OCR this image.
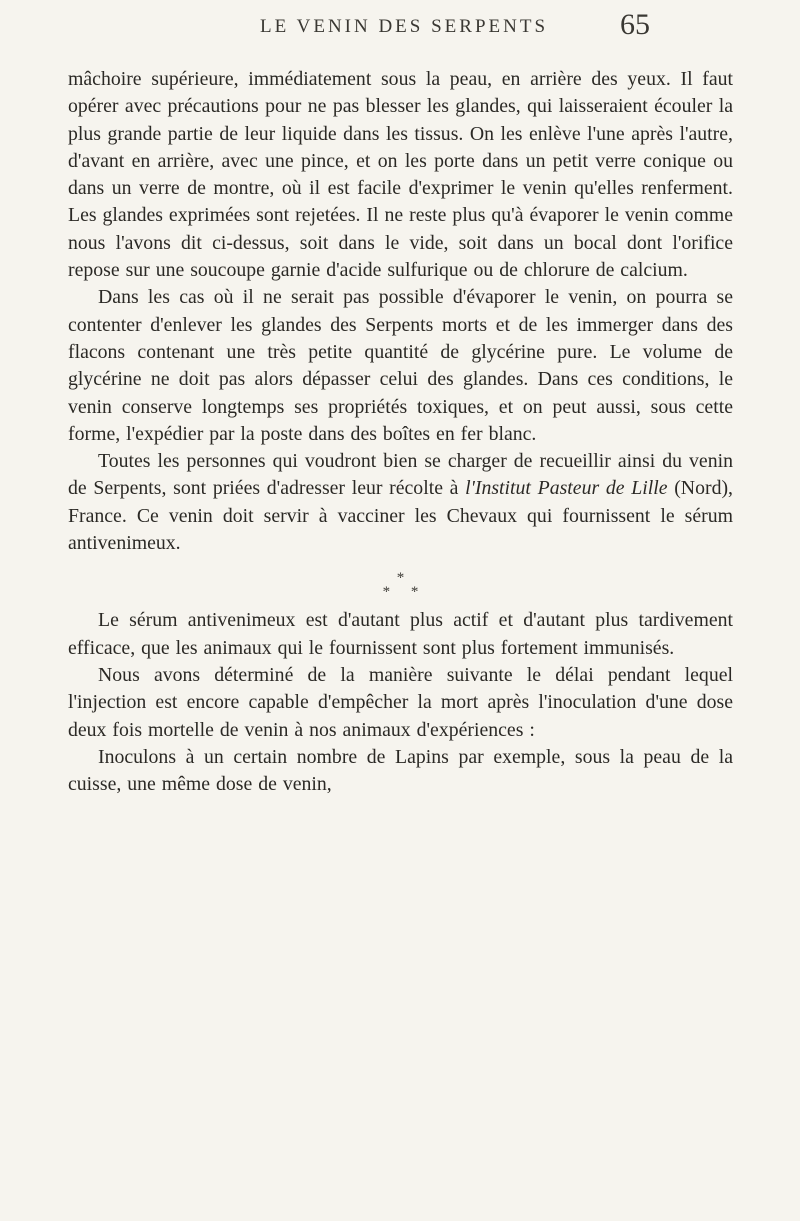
LE VENIN DES SERPENTS 65

mâchoire supérieure, immédiatement sous la peau, en arrière des yeux. Il faut opérer avec précautions pour ne pas blesser les glandes, qui laisseraient écouler la plus grande partie de leur liquide dans les tissus. On les enlève l'une après l'autre, d'avant en arrière, avec une pince, et on les porte dans un petit verre conique ou dans un verre de montre, où il est facile d'exprimer le venin qu'elles renferment. Les glandes exprimées sont rejetées. Il ne reste plus qu'à évaporer le venin comme nous l'avons dit ci-dessus, soit dans le vide, soit dans un bocal dont l'orifice repose sur une soucoupe garnie d'acide sulfurique ou de chlorure de calcium.

Dans les cas où il ne serait pas possible d'évaporer le venin, on pourra se contenter d'enlever les glandes des Serpents morts et de les immerger dans des flacons contenant une très petite quantité de glycérine pure. Le volume de glycérine ne doit pas alors dépasser celui des glandes. Dans ces conditions, le venin conserve longtemps ses propriétés toxiques, et on peut aussi, sous cette forme, l'expédier par la poste dans des boîtes en fer blanc.

Toutes les personnes qui voudront bien se charger de recueillir ainsi du venin de Serpents, sont priées d'adresser leur récolte à l'Institut Pasteur de Lille (Nord), France. Ce venin doit servir à vacciner les Chevaux qui fournissent le sérum antivenimeux.

*
* *

Le sérum antivenimeux est d'autant plus actif et d'autant plus tardivement efficace, que les animaux qui le fournissent sont plus fortement immunisés.

Nous avons déterminé de la manière suivante le délai pendant lequel l'injection est encore capable d'empêcher la mort après l'inoculation d'une dose deux fois mortelle de venin à nos animaux d'expériences :

Inoculons à un certain nombre de Lapins par exemple, sous la peau de la cuisse, une même dose de venin,
